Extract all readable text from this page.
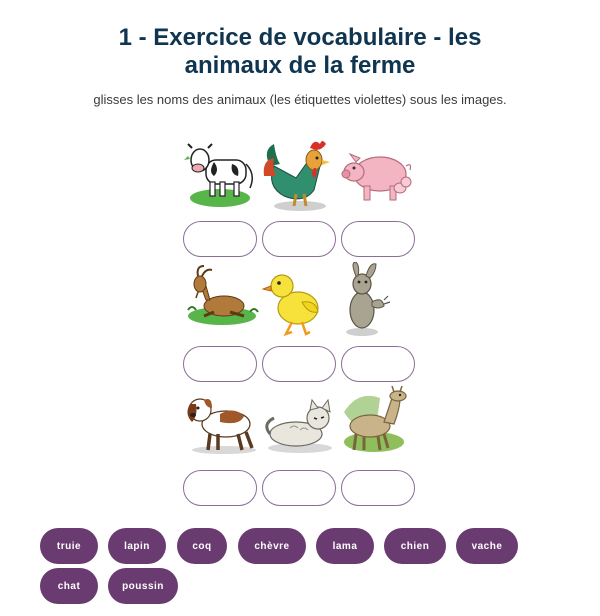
1 - Exercice de vocabulaire - les
animaux de la ferme
glisses les noms des animaux (les étiquettes violettes) sous les images.
truie	lapin	coq	chèvre	lama	chien	vache
chat	poussin
